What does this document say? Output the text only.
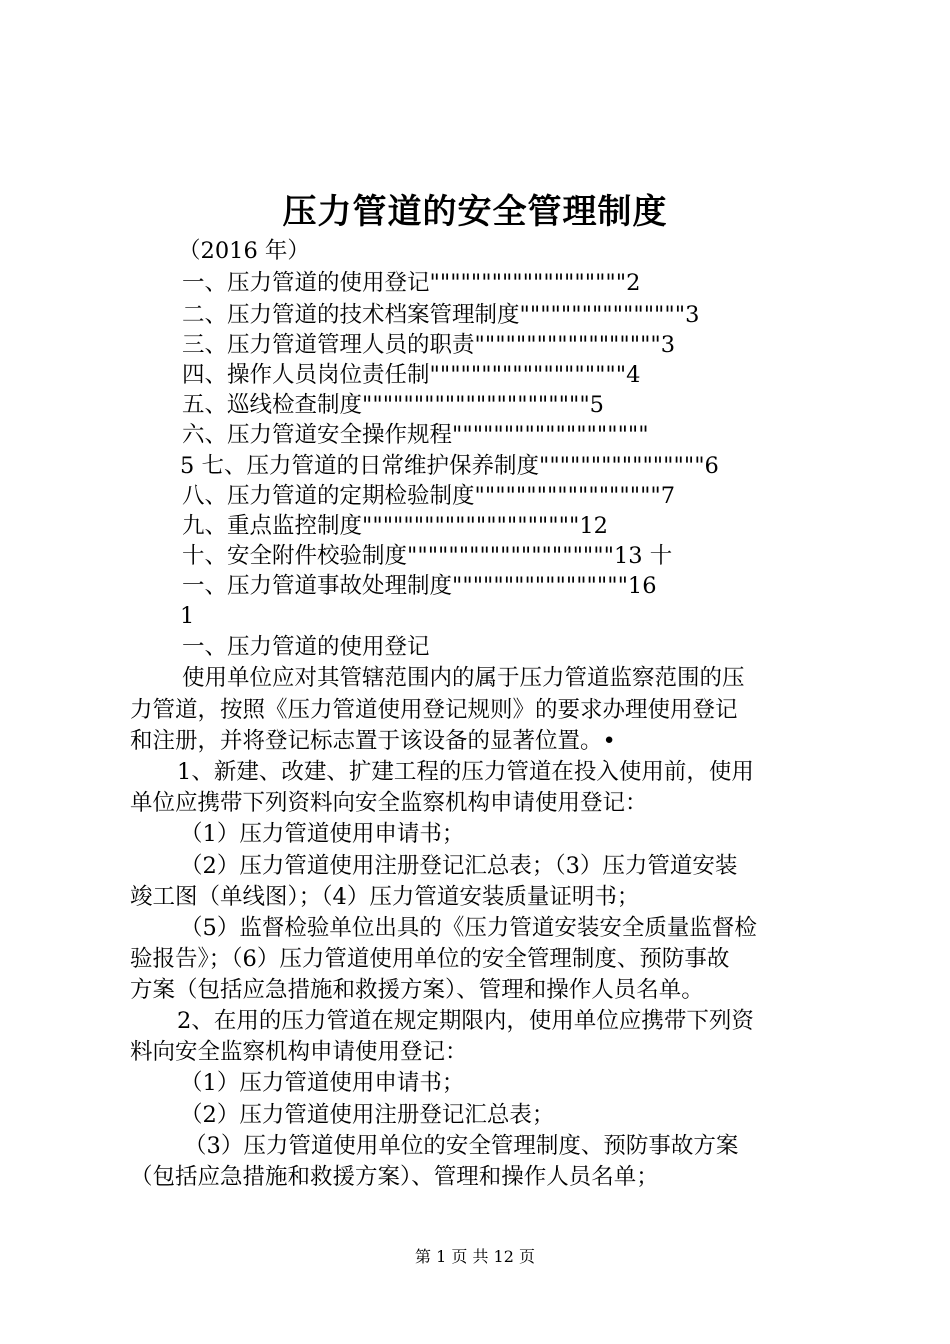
压力管道的安全管理制度
（2016 年）
一、压力管道的使用登记"""""""""""""""""""2
二、压力管道的技术档案管理制度""""""""""""""""3
三、压力管道管理人员的职责""""""""""""""""""3
四、操作人员岗位责任制"""""""""""""""""""4
五、巡线检查制度""""""""""""""""""""""5
六、压力管道安全操作规程"""""""""""""""""""
5 七、压力管道的日常维护保养制度""""""""""""""""6
八、压力管道的定期检验制度""""""""""""""""""7
九、重点监控制度"""""""""""""""""""""12
十、安全附件校验制度""""""""""""""""""""13 十
一、压力管道事故处理制度"""""""""""""""""16
1
一、压力管道的使用登记
使用单位应对其管辖范围内的属于压力管道监察范围的压
力管道，按照《压力管道使用登记规则》的要求办理使用登记
和注册，并将登记标志置于该设备的显著位置。•
1、新建、改建、扩建工程的压力管道在投入使用前，使用
单位应携带下列资料向安全监察机构申请使用登记：
（1）压力管道使用申请书；
（2）压力管道使用注册登记汇总表；（3）压力管道安装
竣工图（单线图）；（4）压力管道安装质量证明书；
（5）监督检验单位出具的《压力管道安装安全质量监督检
验报告》；（6）压力管道使用单位的安全管理制度、预防事故
方案（包括应急措施和救援方案）、管理和操作人员名单。
2、在用的压力管道在规定期限内，使用单位应携带下列资
料向安全监察机构申请使用登记：
（1）压力管道使用申请书；
（2）压力管道使用注册登记汇总表；
（3）压力管道使用单位的安全管理制度、预防事故方案
（包括应急措施和救援方案）、管理和操作人员名单；
第 1 页 共 12 页
